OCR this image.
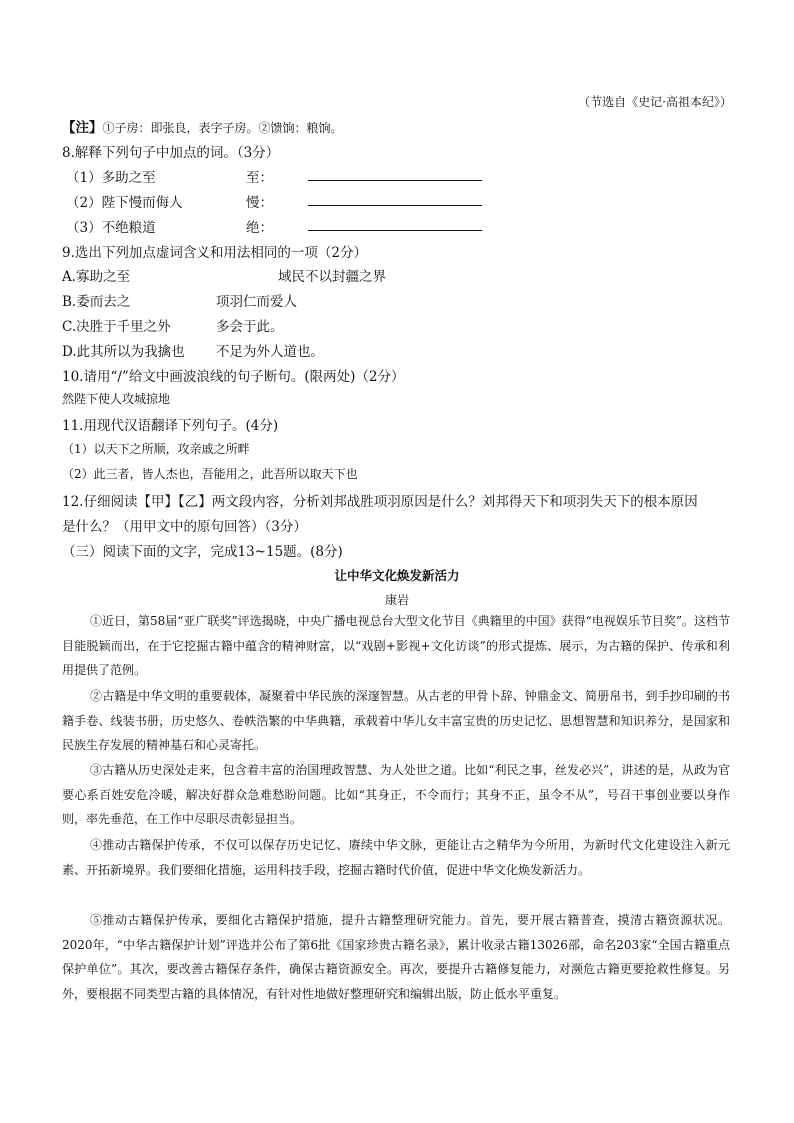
（节选自《史记·高祖本纪》）
【注】①子房：即张良，表字子房。②馈饷：粮饷。
8.解释下列句子中加点的词。（3分）
（1）多助之至	至：
（2）陛下慢而侮人	慢：
（3）不绝粮道	绝：
9.选出下列加点虚词含义和用法相同的一项（2分）
A.寡助之至	域民不以封疆之界
B.委而去之	项羽仁而爱人
C.决胜于千里之外	多会于此。
D.此其所以为我擒也 不足为外人道也。
10.请用“/”给文中画波浪线的句子断句。(限两处)（2分）
然陛下使人攻城掠地
11.用现代汉语翻译下列句子。(4分)
（1）以天下之所顺，攻亲戚之所畔
（2）此三者，皆人杰也，吾能用之，此吾所以取天下也
12.仔细阅读【甲】【乙】两文段内容，分析刘邦战胜项羽原因是什么？刘邦得天下和项羽失天下的根本原因
是什么？（用甲文中的原句回答）（3分）
（三）阅读下面的文字，完成13~15题。(8分)
让中华文化焕发新活力
康岩
①近日，第58届“亚广联奖”评选揭晓，中央广播电视总台大型文化节目《典籍里的中国》获得“电视娱乐节目奖”。这档节目能脱颖而出，在于它挖掘古籍中蕴含的精神财富，以“戏剧+影视+文化访谈”的形式提炼、展示，为古籍的保护、传承和利用提供了范例。
②古籍是中华文明的重要载体，凝聚着中华民族的深邃智慧。从古老的甲骨卜辞、钟鼎金文、简册帛书，到手抄印刷的书籍手卷、线装书册，历史悠久、卷帙浩繁的中华典籍，承载着中华儿女丰富宝贵的历史记忆、思想智慧和知识养分，是国家和民族生存发展的精神基石和心灵寄托。
③古籍从历史深处走来，包含着丰富的治国理政智慧、为人处世之道。比如“利民之事，丝发必兴”，讲述的是，从政为官要心系百姓安危冷暖，解决好群众急难愁盼问题。比如“其身正，不令而行；其身不正，虽令不从”，号召干事创业要以身作则，率先垂范，在工作中尽职尽责彰显担当。
④推动古籍保护传承，不仅可以保存历史记忆、赓续中华文脉，更能让古之精华为今所用，为新时代文化建设注入新元素、开拓新境界。我们要细化措施，运用科技手段，挖掘古籍时代价值，促进中华文化焕发新活力。
⑤推动古籍保护传承，要细化古籍保护措施，提升古籍整理研究能力。首先，要开展古籍普查，摸清古籍资源状况。2020年，“中华古籍保护计划”评选并公布了第6批《国家珍贵古籍名录》，累计收录古籍13026部，命名203家“全国古籍重点保护单位”。其次，要改善古籍保存条件，确保古籍资源安全。再次，要提升古籍修复能力，对濒危古籍更要抢救性修复。另外，要根据不同类型古籍的具体情况，有针对性地做好整理研究和编辑出版，防止低水平重复。
